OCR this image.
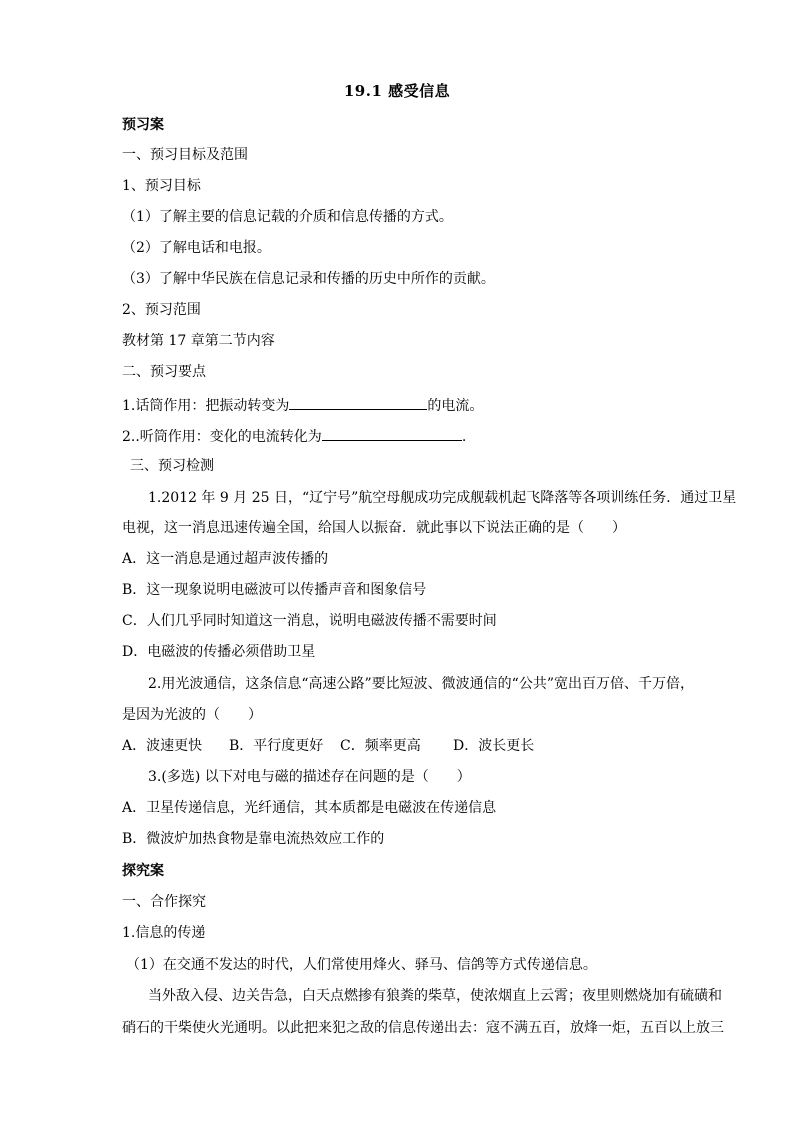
19.1 感受信息
预习案
一、预习目标及范围
1、预习目标
（1）了解主要的信息记载的介质和信息传播的方式。
（2）了解电话和电报。
（3）了解中华民族在信息记录和传播的历史中所作的贡献。
2、预习范围
教材第 17 章第二节内容
二、预习要点
1.话筒作用：把振动转变为	的电流。
2..听筒作用：变化的电流转化为	.
三、预习检测
1.2012 年 9 月 25 日，“辽宁号”航空母舰成功完成舰载机起飞降落等各项训练任务．通过卫星
电视，这一消息迅速传遍全国，给国人以振奋．就此事以下说法正确的是（　　）
A．这一消息是通过超声波传播的
B．这一现象说明电磁波可以传播声音和图象信号
C．人们几乎同时知道这一消息，说明电磁波传播不需要时间
D．电磁波的传播必须借助卫星
2.用光波通信，这条信息“高速公路”要比短波、微波通信的“公共”宽出百万倍、千万倍，
是因为光波的（　　）
A．波速更快 B．平行度更好 C．频率更高 D．波长更长
3.(多选) 以下对电与磁的描述存在问题的是（　　）
A．卫星传递信息，光纤通信，其本质都是电磁波在传递信息
B．微波炉加热食物是靠电流热效应工作的
探究案
一、合作探究
1.信息的传递
（1）在交通不发达的时代，人们常使用烽火、驿马、信鸽等方式传递信息。
当外敌入侵、边关告急，白天点燃掺有狼粪的柴草，使浓烟直上云霄；夜里则燃烧加有硫磺和
硝石的干柴使火光通明。以此把来犯之敌的信息传递出去：寇不满五百，放烽一炬，五百以上放三
